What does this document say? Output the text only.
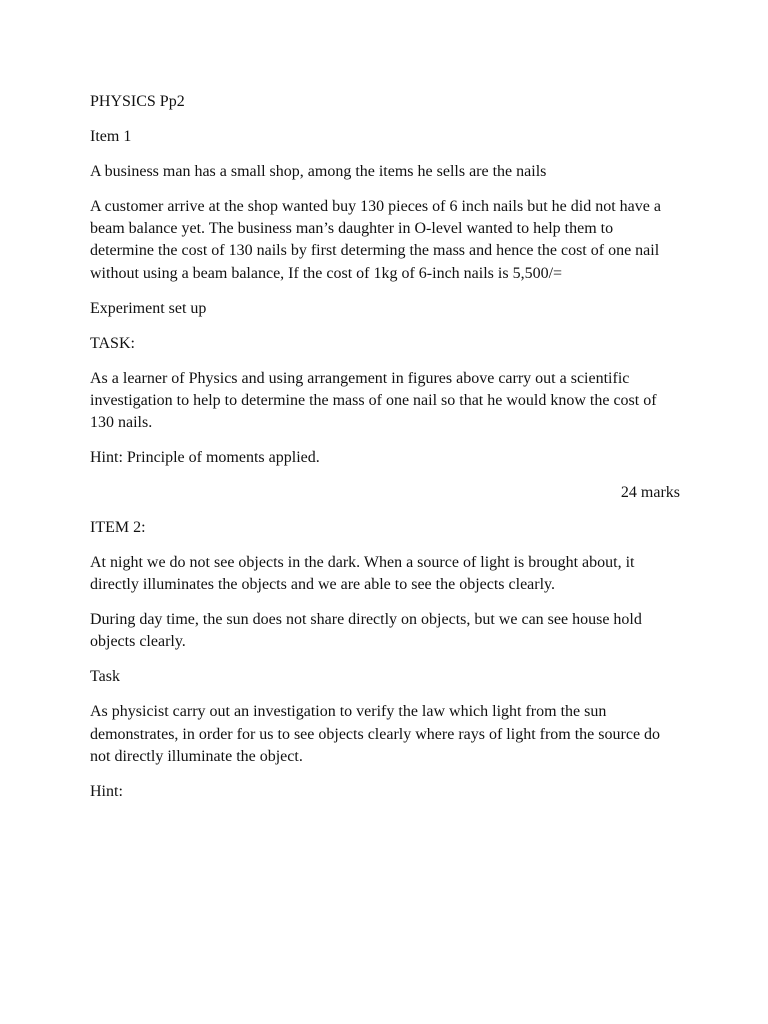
PHYSICS Pp2

Item 1

A business man has a small shop, among the items he sells are the nails

A customer arrive at the shop wanted buy 130 pieces of 6 inch nails but he did not have a beam balance yet. The business man’s daughter in O-level wanted to help them to determine the cost of 130 nails by first determing the mass and hence the cost of one nail without using a beam balance, If the cost of 1kg of 6-inch nails is 5,500/=

Experiment set up

TASK:

As a learner of Physics and using arrangement in figures above carry out a scientific investigation to help to determine the mass of one nail so that he would know the cost of 130 nails.

Hint: Principle of moments applied.

24 marks

ITEM 2:

At night we do not see objects in the dark. When a source of light is brought about, it directly illuminates the objects and we are able to see the objects clearly.

During day time, the sun does not share directly on objects, but we can see house hold objects clearly.

Task

As physicist carry out an investigation to verify the law which light from the sun demonstrates, in order for us to see objects clearly where rays of light from the source do not directly illuminate the object.

Hint:
